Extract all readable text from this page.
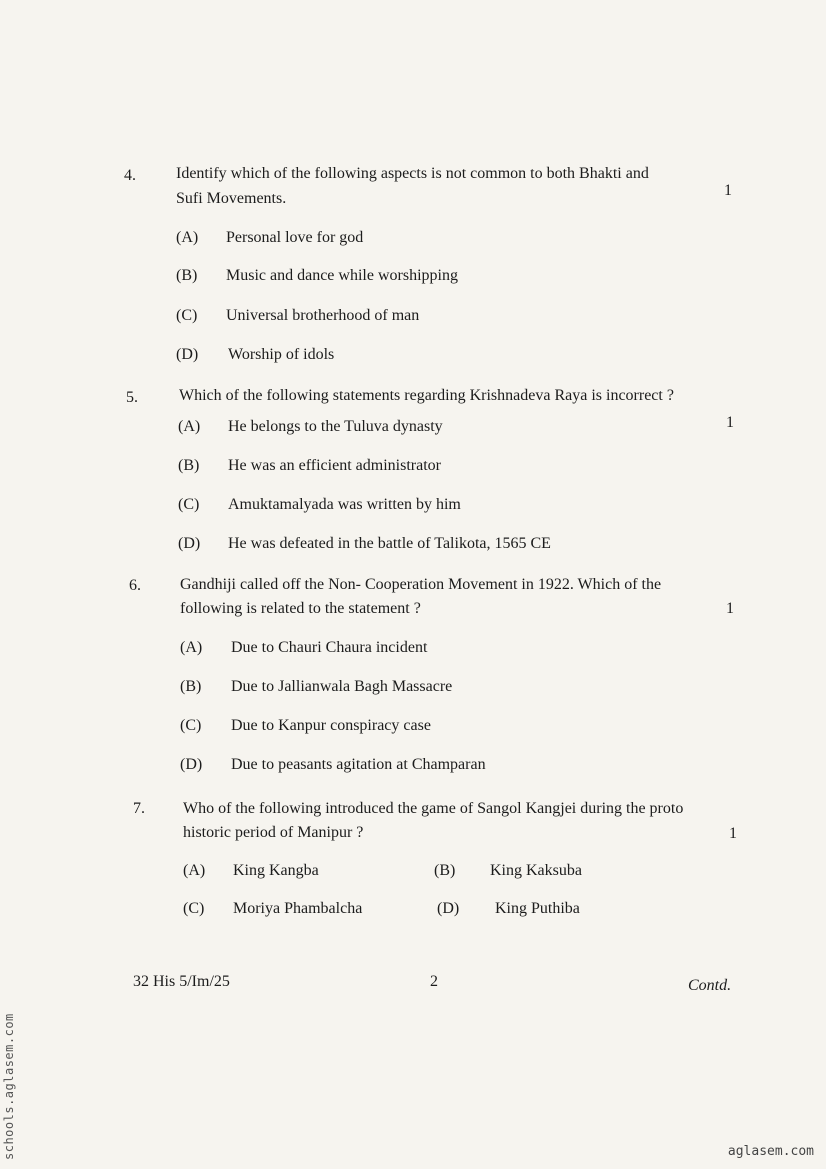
4.	Identify which of the following aspects is not common to both Bhakti and
Sufi Movements.	1
(A) Personal love for god
(B) Music and dance while worshipping
(C) Universal brotherhood of man
(D) Worship of idols
5.	Which of the following statements regarding Krishnadeva Raya is incorrect ?
1
(A) He belongs to the Tuluva dynasty
(B) He was an efficient administrator
(C) Amuktamalyada was written by him
(D) He was defeated in the battle of Talikota, 1565 CE
6. Gandhiji called off the Non- Cooperation Movement in 1922. Which of the
following is related to the statement ?	1
(A) Due to Chauri Chaura incident
(B) Due to Jallianwala Bagh Massacre
(C) Due to Kanpur conspiracy case
(D) Due to peasants agitation at Champaran
7. Who of the following introduced the game of Sangol Kangjei during the proto
historic period of Manipur ?	1
(A) King Kangba	(B) King Kaksuba
(C) Moriya Phambalcha	(D) King Puthiba
32 His 5/Im/25	2	Contd.
schools.aglasem.com	aglasem.com
